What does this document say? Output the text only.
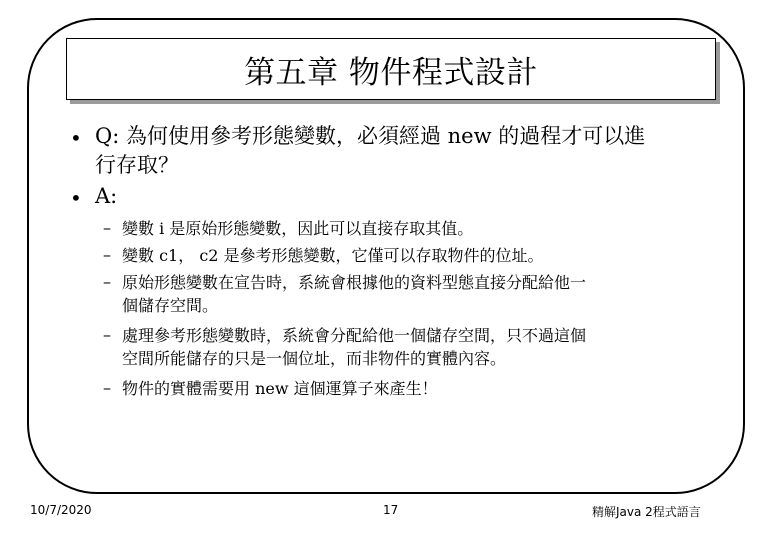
第五章 物件程式設計
• Q: 為何使用參考形態變數，必須經過 new 的過程才可以進
行存取？
• A:
– 變數 i 是原始形態變數，因此可以直接存取其值。
– 變數 c1， c2 是參考形態變數，它僅可以存取物件的位址。
– 原始形態變數在宣告時，系統會根據他的資料型態直接分配給他一
個儲存空間。
– 處理參考形態變數時，系統會分配給他一個儲存空間，只不過這個
空間所能儲存的只是一個位址，而非物件的實體內容。
– 物件的實體需要用 new 這個運算子來產生！
10/7/2020	17	精解Java 2程式語言
